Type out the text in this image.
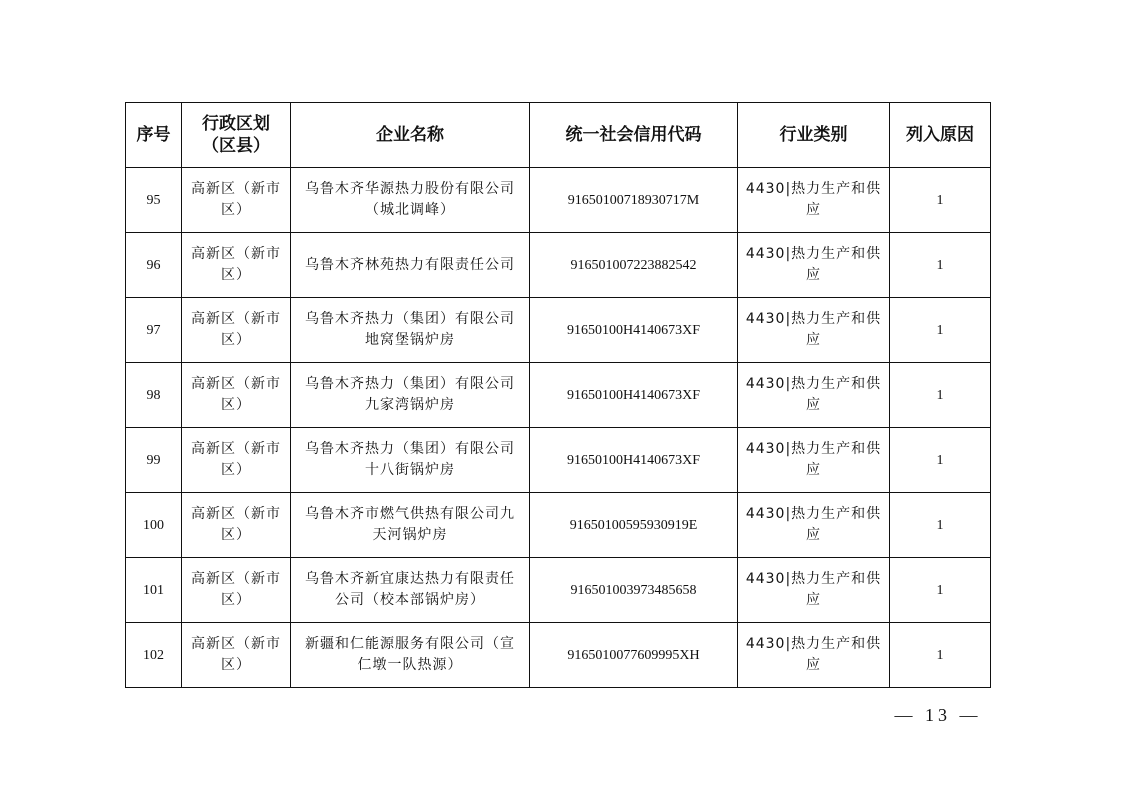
序号	行政区划（区县）	企业名称	统一社会信用代码	行业类别	列入原因
95	高新区（新市区）	乌鲁木齐华源热力股份有限公司（城北调峰）	91650100718930717M	4430|热力生产和供应	1
96	高新区（新市区）	乌鲁木齐林苑热力有限责任公司	916501007223882542	4430|热力生产和供应	1
97	高新区（新市区）	乌鲁木齐热力（集团）有限公司地窝堡锅炉房	91650100H4140673XF	4430|热力生产和供应	1
98	高新区（新市区）	乌鲁木齐热力（集团）有限公司九家湾锅炉房	91650100H4140673XF	4430|热力生产和供应	1
99	高新区（新市区）	乌鲁木齐热力（集团）有限公司十八街锅炉房	91650100H4140673XF	4430|热力生产和供应	1
100	高新区（新市区）	乌鲁木齐市燃气供热有限公司九天河锅炉房	91650100595930919E	4430|热力生产和供应	1
101	高新区（新市区）	乌鲁木齐新宜康达热力有限责任公司（校本部锅炉房）	916501003973485658	4430|热力生产和供应	1
102	高新区（新市区）	新疆和仁能源服务有限公司（宣仁墩一队热源）	9165010077609995XH	4430|热力生产和供应	1
— 13 —
